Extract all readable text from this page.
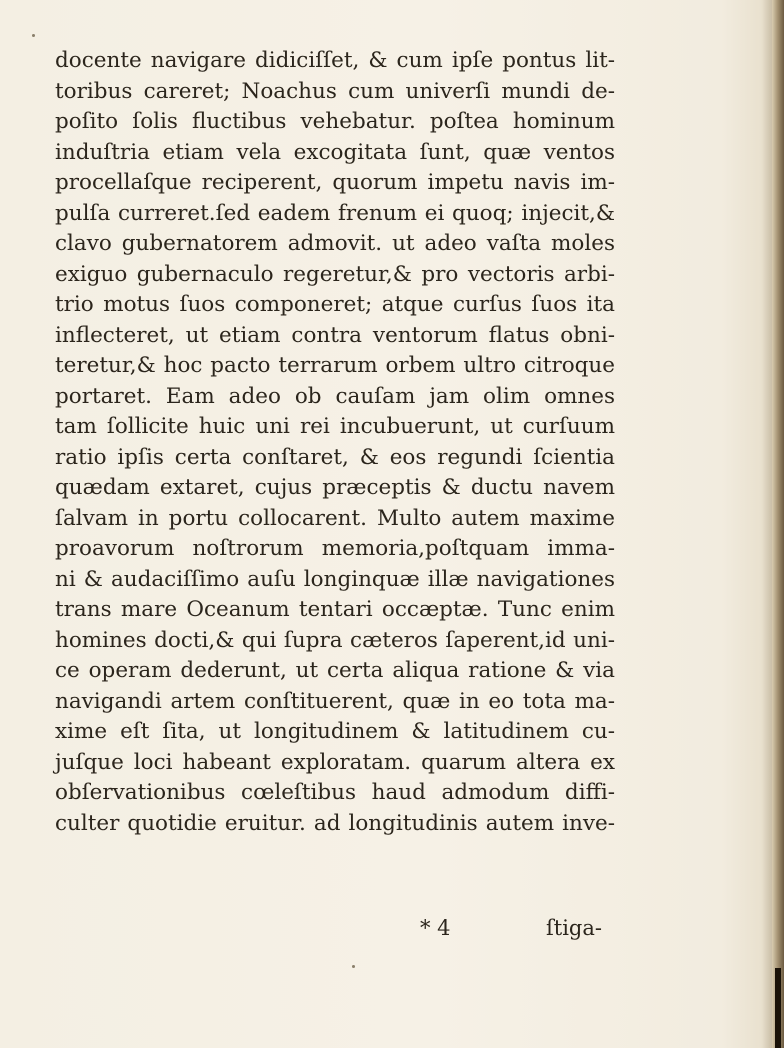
docente navigare didiciſſet, & cum ipſe pontus lit-
toribus careret; Noachus cum univerſi mundi de-
poſito ſolis fluctibus vehebatur. poſtea hominum
induſtria etiam vela excogitata ſunt, quæ ventos
procellaſque reciperent, quorum impetu navis im-
pulſa curreret.ſed eadem frenum ei quoq; injecit,&
clavo gubernatorem admovit. ut adeo vaſta moles
exiguo gubernaculo regeretur,& pro vectoris arbi-
trio motus ſuos componeret; atque curſus ſuos ita
inflecteret, ut etiam contra ventorum flatus obni-
teretur,& hoc pacto terrarum orbem ultro citroque
portaret. Eam adeo ob cauſam jam olim omnes
tam ſollicite huic uni rei incubuerunt, ut curſuum
ratio ipſis certa conſtaret, & eos regundi ſcientia
quædam extaret, cujus præceptis & ductu navem
ſalvam in portu collocarent. Multo autem maxime
proavorum noſtrorum memoria,poſtquam imma-
ni & audaciſſimo auſu longinquæ illæ navigationes
trans mare Oceanum tentari occæptæ. Tunc enim
homines docti,& qui ſupra cæteros ſaperent,id uni-
ce operam dederunt, ut certa aliqua ratione & via
navigandi artem conſtituerent, quæ in eo tota ma-
xime eſt ſita, ut longitudinem & latitudinem cu-
juſque loci habeant exploratam. quarum altera ex
obſervationibus cœleſtibus haud admodum diffi-
culter quotidie eruitur. ad longitudinis autem inve-
* 4	ſtiga-
